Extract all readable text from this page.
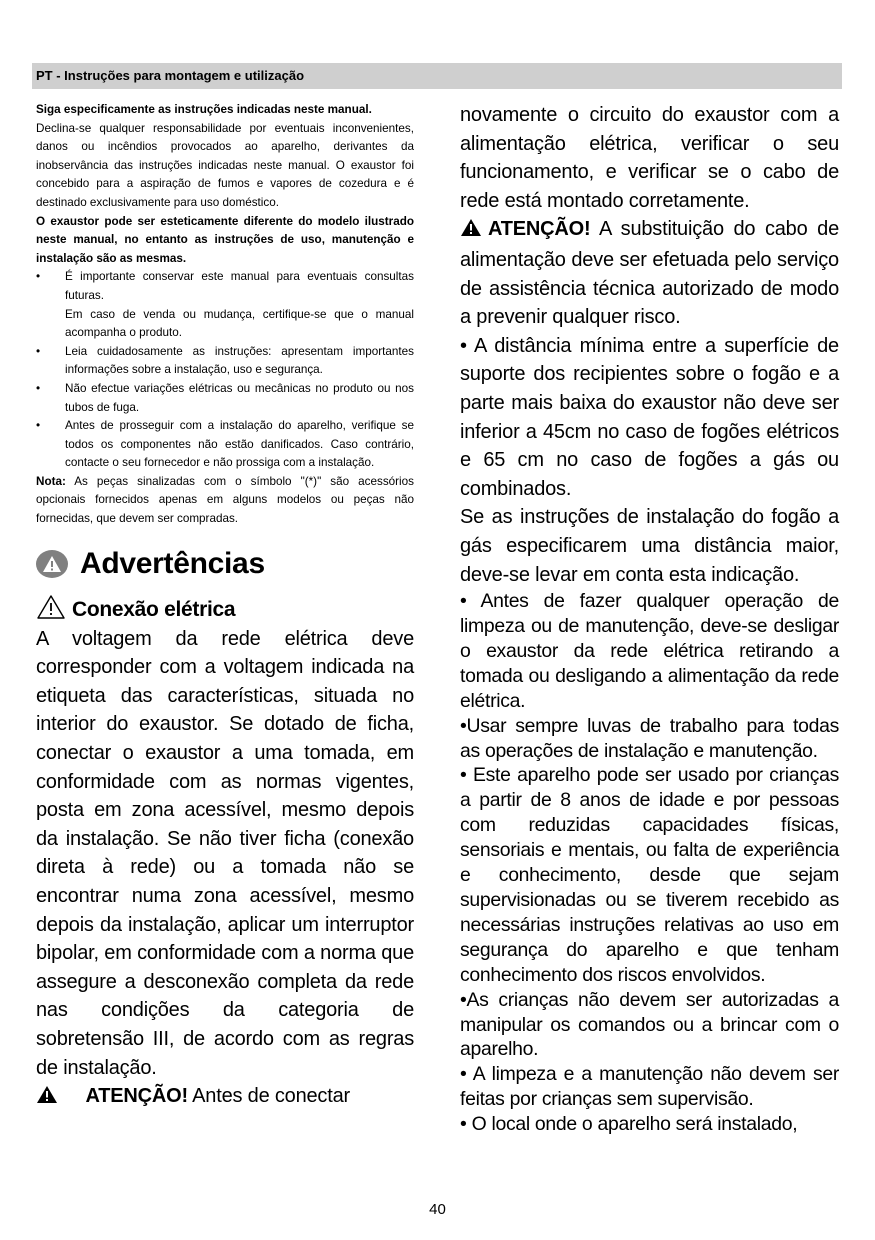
PT - Instruções para montagem e utilização

Siga especificamente as instruções indicadas neste manual.

Declina-se qualquer responsabilidade por eventuais inconvenientes, danos ou incêndios provocados ao aparelho, derivantes da inobservância das instruções indicadas neste manual. O exaustor foi concebido para a aspiração de fumos e vapores de cozedura e é destinado exclusivamente para uso doméstico.

O exaustor pode ser esteticamente diferente do modelo ilustrado neste manual, no entanto as instruções de uso, manutenção e instalação são as mesmas.

• É importante conservar este manual para eventuais consultas futuras.
Em caso de venda ou mudança, certifique-se que o manual acompanha o produto.
• Leia cuidadosamente as instruções: apresentam importantes informações sobre a instalação, uso e segurança.
• Não efectue variações elétricas ou mecânicas no produto ou nos tubos de fuga.
• Antes de prosseguir com a instalação do aparelho, verifique se todos os componentes não estão danificados. Caso contrário, contacte o seu fornecedor e não prossiga com a instalação.

Nota: As peças sinalizadas com o símbolo "(*)" são acessórios opcionais fornecidos apenas em alguns modelos ou peças não fornecidas, que devem ser compradas.

Advertências
Conexão elétrica

A voltagem da rede elétrica deve corresponder com a voltagem indicada na etiqueta das características, situada no interior do exaustor. Se dotado de ficha, conectar o exaustor a uma tomada, em conformidade com as normas vigentes, posta em zona acessível, mesmo depois da instalação. Se não tiver ficha (conexão direta à rede) ou a tomada não se encontrar numa zona acessível, mesmo depois da instalação, aplicar um interruptor bipolar, em conformidade com a norma que assegure a desconexão completa da rede nas condições da categoria de sobretensão III, de acordo com as regras de instalação.

ATENÇÃO! Antes de conectar

novamente o circuito do exaustor com a alimentação elétrica, verificar o seu funcionamento, e verificar se o cabo de rede está montado corretamente.

ATENÇÃO! A substituição do cabo de alimentação deve ser efetuada pelo serviço de assistência técnica autorizado de modo a prevenir qualquer risco.

• A distância mínima entre a superfície de suporte dos recipientes sobre o fogão e a parte mais baixa do exaustor não deve ser inferior a 45cm no caso de fogões elétricos e 65 cm no caso de fogões a gás ou combinados.

Se as instruções de instalação do fogão a gás especificarem uma distância maior, deve-se levar em conta esta indicação.

• Antes de fazer qualquer operação de limpeza ou de manutenção, deve-se desligar o exaustor da rede elétrica retirando a tomada ou desligando a alimentação da rede elétrica.

•Usar sempre luvas de trabalho para todas as operações de instalação e manutenção.

• Este aparelho pode ser usado por crianças a partir de 8 anos de idade e por pessoas com reduzidas capacidades físicas, sensoriais e mentais, ou falta de experiência e conhecimento, desde que sejam supervisionadas ou se tiverem recebido as necessárias instruções relativas ao uso em segurança do aparelho e que tenham conhecimento dos riscos envolvidos.

•As crianças não devem ser autorizadas a manipular os comandos ou a brincar com o aparelho.

• A limpeza e a manutenção não devem ser feitas por crianças sem supervisão.

• O local onde o aparelho será instalado,

40
